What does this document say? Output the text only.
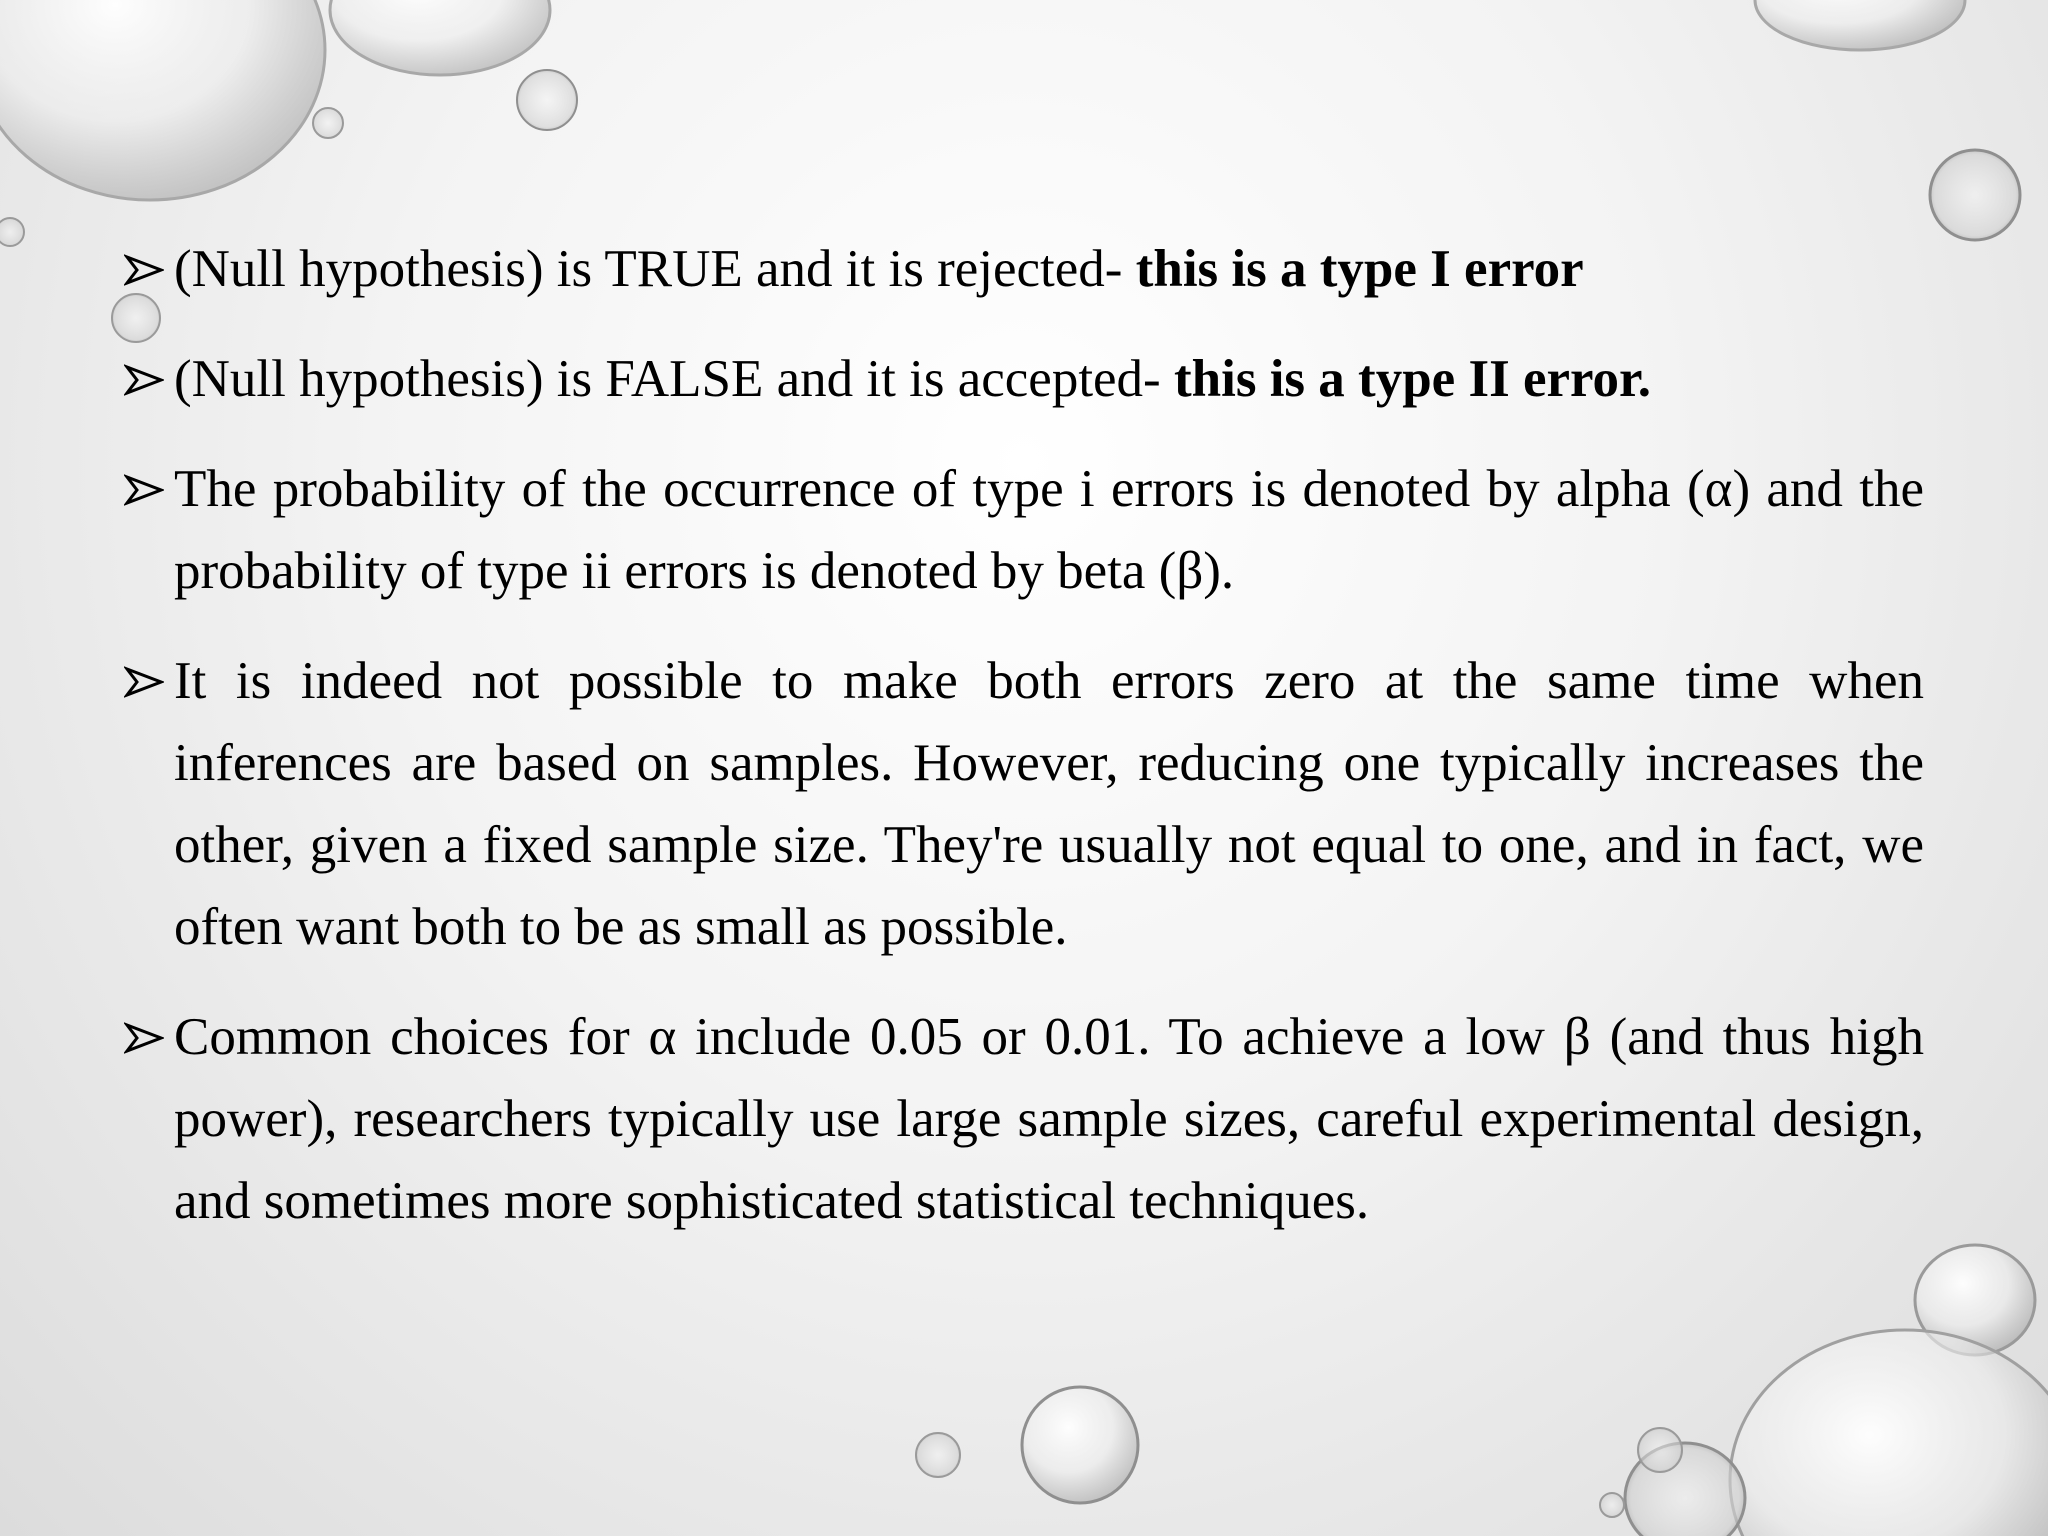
(Null hypothesis) is TRUE and it is rejected- this is a type I error
(Null hypothesis) is FALSE and it is accepted- this is a type II error.
The probability of the occurrence of type i errors is denoted by alpha (α) and the probability of type ii errors is denoted by beta (β).
It is indeed not possible to make both errors zero at the same time when inferences are based on samples. However, reducing one typically increases the other, given a fixed sample size. They're usually not equal to one, and in fact, we often want both to be as small as possible.
Common choices for α include 0.05 or 0.01. To achieve a low β (and thus high power), researchers typically use large sample sizes, careful experimental design, and sometimes more sophisticated statistical techniques.
